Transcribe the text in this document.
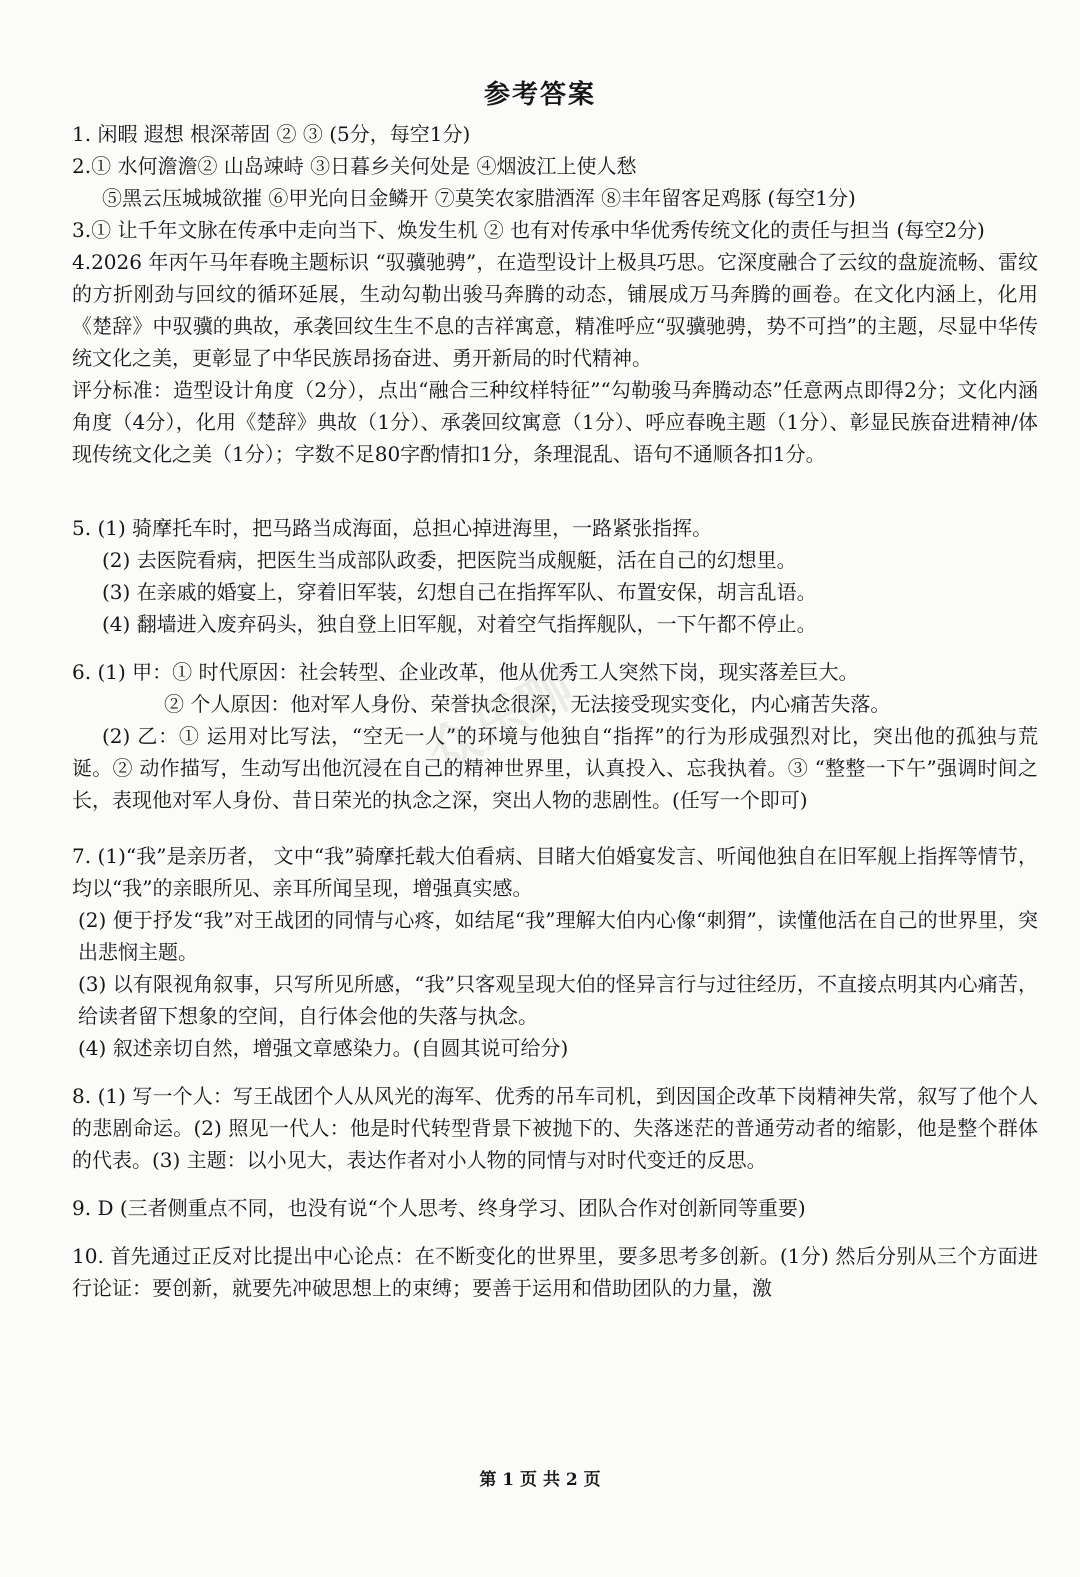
众乐聊
参考答案
1. 闲暇 遐想 根深蒂固 ② ③ (5分，每空1分)
2.① 水何澹澹② 山岛竦峙 ③日暮乡关何处是 ④烟波江上使人愁
⑤黑云压城城欲摧 ⑥甲光向日金鳞开 ⑦莫笑农家腊酒浑 ⑧丰年留客足鸡豚 (每空1分)
3.① 让千年文脉在传承中走向当下、焕发生机 ② 也有对传承中华优秀传统文化的责任与担当 (每空2分)
4.2026 年丙午马年春晚主题标识 “驭骥驰骋”，在造型设计上极具巧思。它深度融合了云纹的盘旋流畅、雷纹的方折刚劲与回纹的循环延展，生动勾勒出骏马奔腾的动态，铺展成万马奔腾的画卷。在文化内涵上，化用《楚辞》中驭骥的典故，承袭回纹生生不息的吉祥寓意，精准呼应“驭骥驰骋，势不可挡”的主题，尽显中华传统文化之美，更彰显了中华民族昂扬奋进、勇开新局的时代精神。
评分标准：造型设计角度（2分），点出“融合三种纹样特征”“勾勒骏马奔腾动态”任意两点即得2分；文化内涵角度（4分），化用《楚辞》典故（1分）、承袭回纹寓意（1分）、呼应春晚主题（1分）、彰显民族奋进精神/体现传统文化之美（1分）；字数不足80字酌情扣1分，条理混乱、语句不通顺各扣1分。
5. (1) 骑摩托车时，把马路当成海面，总担心掉进海里，一路紧张指挥。
(2) 去医院看病，把医生当成部队政委，把医院当成舰艇，活在自己的幻想里。
(3) 在亲戚的婚宴上，穿着旧军装，幻想自己在指挥军队、布置安保，胡言乱语。
(4) 翻墙进入废弃码头，独自登上旧军舰，对着空气指挥舰队，一下午都不停止。
6. (1) 甲：① 时代原因：社会转型、企业改革，他从优秀工人突然下岗，现实落差巨大。
② 个人原因：他对军人身份、荣誉执念很深，无法接受现实变化，内心痛苦失落。
(2) 乙：① 运用对比写法，“空无一人”的环境与他独自“指挥”的行为形成强烈对比，突出他的孤独与荒诞。② 动作描写，生动写出他沉浸在自己的精神世界里，认真投入、忘我执着。③ “整整一下午”强调时间之长，表现他对军人身份、昔日荣光的执念之深，突出人物的悲剧性。(任写一个即可)
7. (1)“我”是亲历者， 文中“我”骑摩托载大伯看病、目睹大伯婚宴发言、听闻他独自在旧军舰上指挥等情节，均以“我”的亲眼所见、亲耳所闻呈现，增强真实感。
(2) 便于抒发“我”对王战团的同情与心疼，如结尾“我”理解大伯内心像“刺猬”，读懂他活在自己的世界里，突出悲悯主题。
(3) 以有限视角叙事，只写所见所感，“我”只客观呈现大伯的怪异言行与过往经历，不直接点明其内心痛苦，给读者留下想象的空间，自行体会他的失落与执念。
(4) 叙述亲切自然，增强文章感染力。(自圆其说可给分)
8. (1) 写一个人：写王战团个人从风光的海军、优秀的吊车司机，到因国企改革下岗精神失常，叙写了他个人的悲剧命运。(2) 照见一代人：他是时代转型背景下被抛下的、失落迷茫的普通劳动者的缩影，他是整个群体的代表。(3) 主题：以小见大，表达作者对小人物的同情与对时代变迁的反思。
9. D (三者侧重点不同，也没有说“个人思考、终身学习、团队合作对创新同等重要)
10. 首先通过正反对比提出中心论点：在不断变化的世界里，要多思考多创新。(1分) 然后分别从三个方面进行论证：要创新，就要先冲破思想上的束缚；要善于运用和借助团队的力量，激
第 1 页 共 2 页
